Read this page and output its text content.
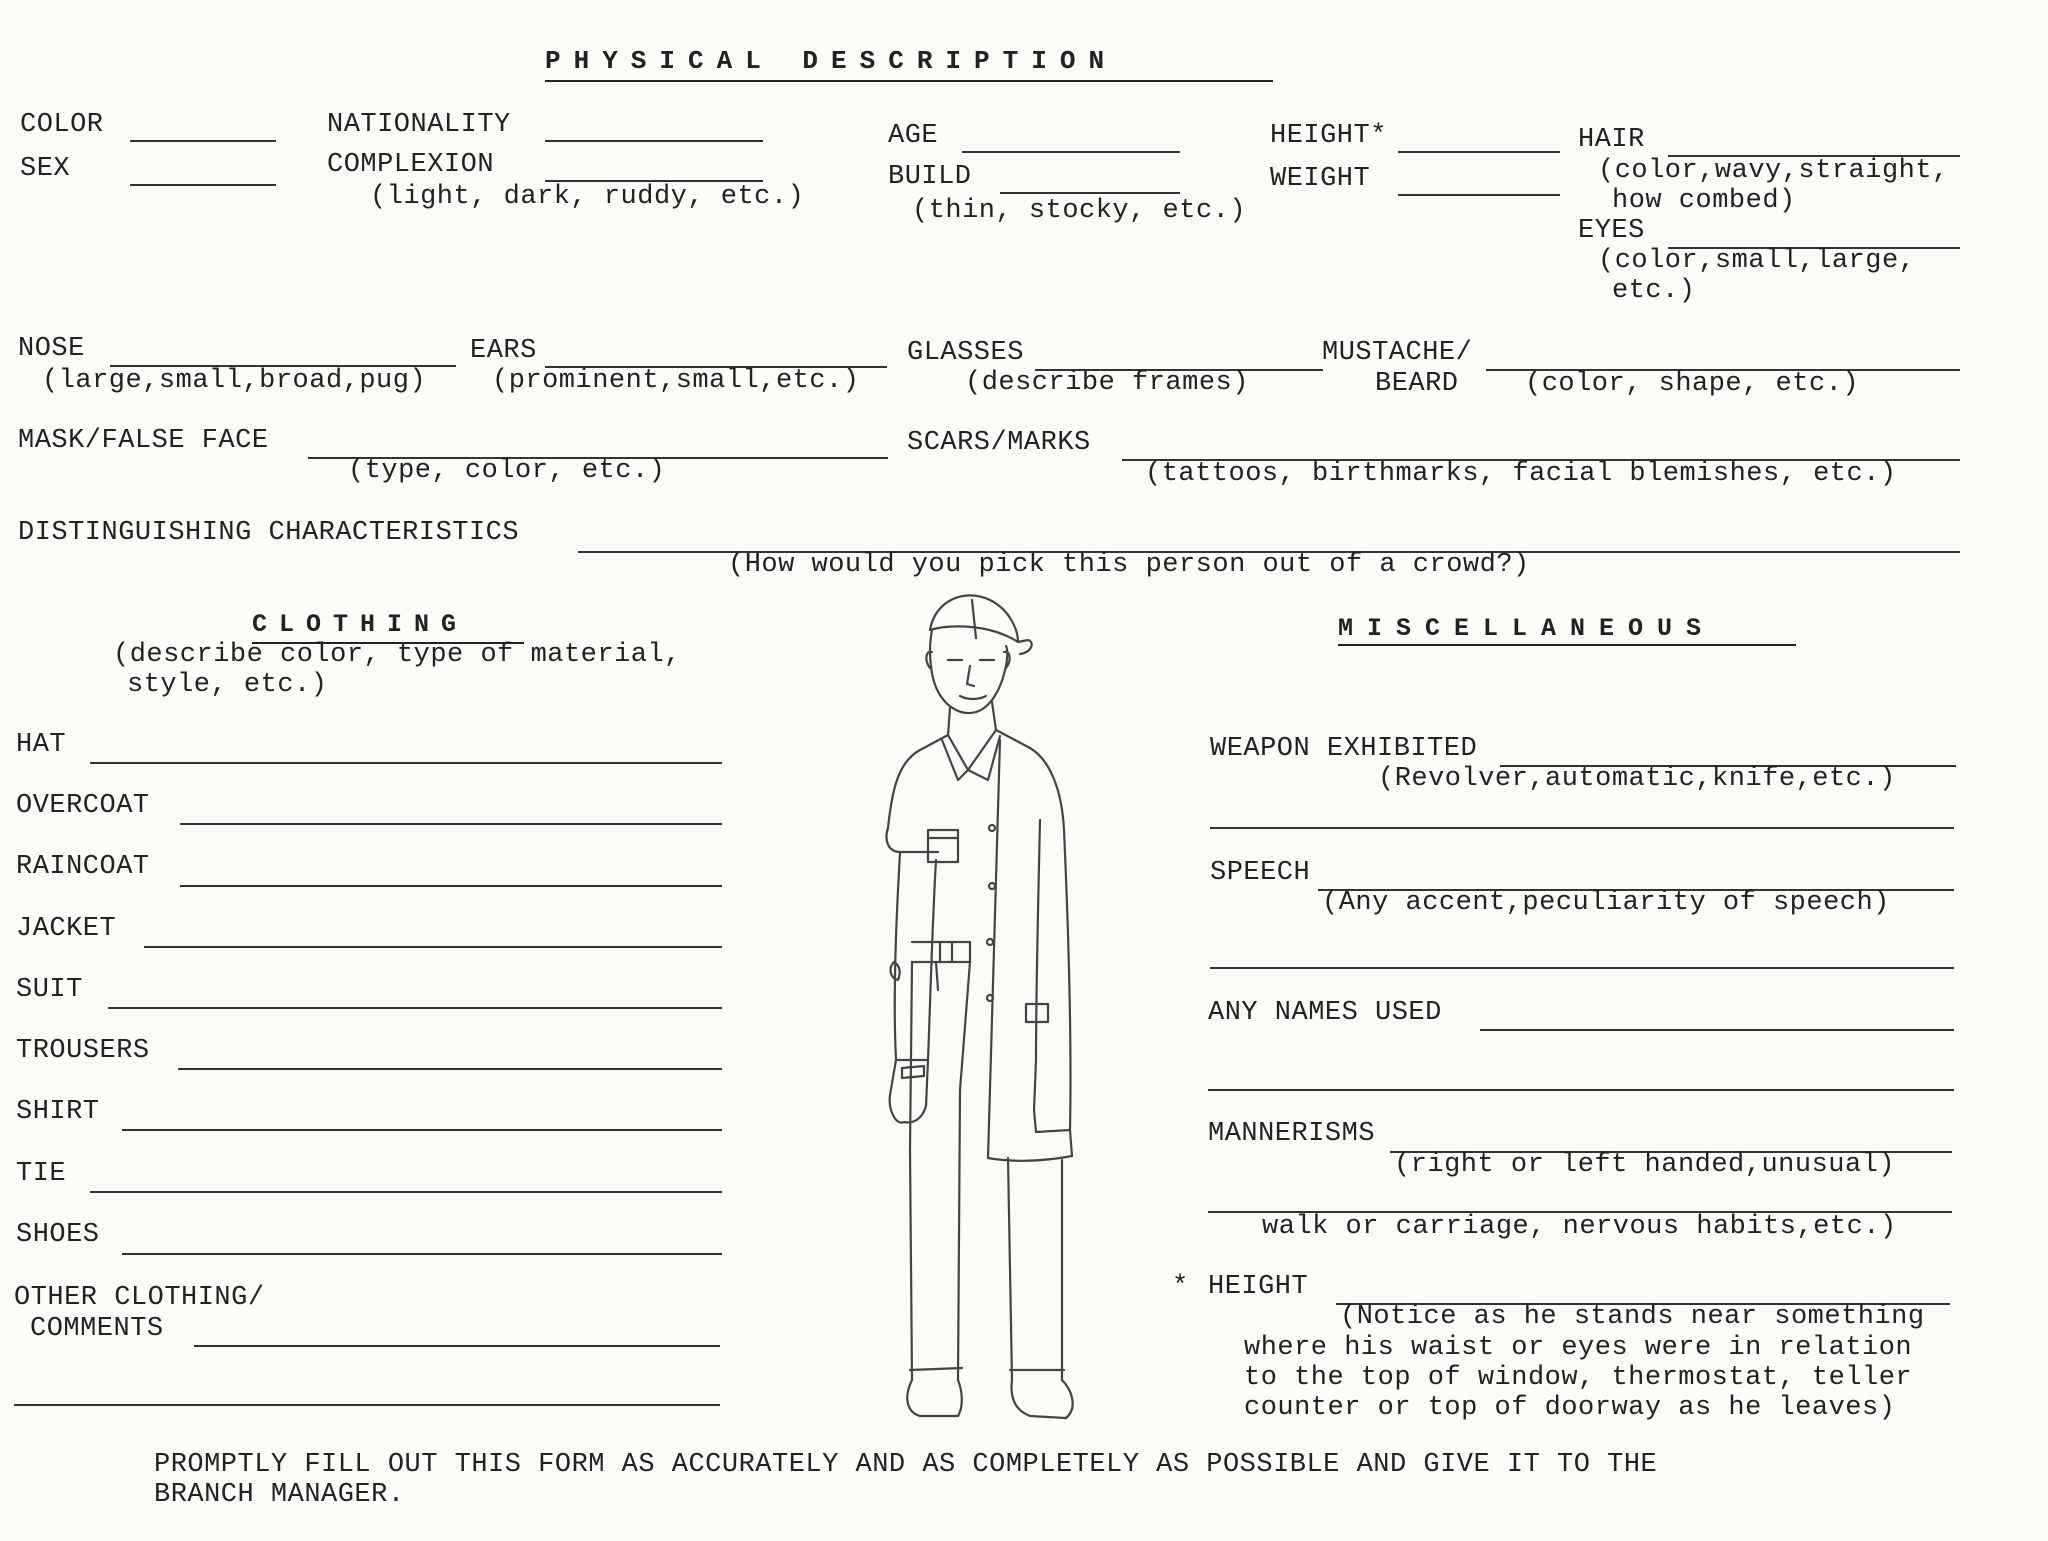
PHYSICAL DESCRIPTION
COLOR
SEX
NATIONALITY
COMPLEXION
(light, dark, ruddy, etc.)
AGE
BUILD
(thin, stocky, etc.)
HEIGHT*
WEIGHT
HAIR
(color,wavy,straight,
how combed)
EYES
(color,small,large,
etc.)
NOSE
(large,small,broad,pug)
EARS
(prominent,small,etc.)
GLASSES
(describe frames)
MUSTACHE/
BEARD (color, shape, etc.)
MASK/FALSE FACE
(type, color, etc.)
SCARS/MARKS
(tattoos, birthmarks, facial blemishes, etc.)
DISTINGUISHING CHARACTERISTICS
(How would you pick this person out of a crowd?)
CLOTHING
(describe color, type of material,
style, etc.)
HAT
OVERCOAT
RAINCOAT
JACKET
SUIT
TROUSERS
SHIRT
TIE
SHOES
OTHER CLOTHING/
COMMENTS
MISCELLANEOUS
WEAPON EXHIBITED
(Revolver,automatic,knife,etc.)
SPEECH
(Any accent,peculiarity of speech)
ANY NAMES USED
MANNERISMS
(right or left handed,unusual)
walk or carriage, nervous habits,etc.)
* HEIGHT
(Notice as he stands near something
where his waist or eyes were in relation
to the top of window, thermostat, teller
counter or top of doorway as he leaves)
PROMPTLY FILL OUT THIS FORM AS ACCURATELY AND AS COMPLETELY AS POSSIBLE AND GIVE IT TO THE
BRANCH MANAGER.
